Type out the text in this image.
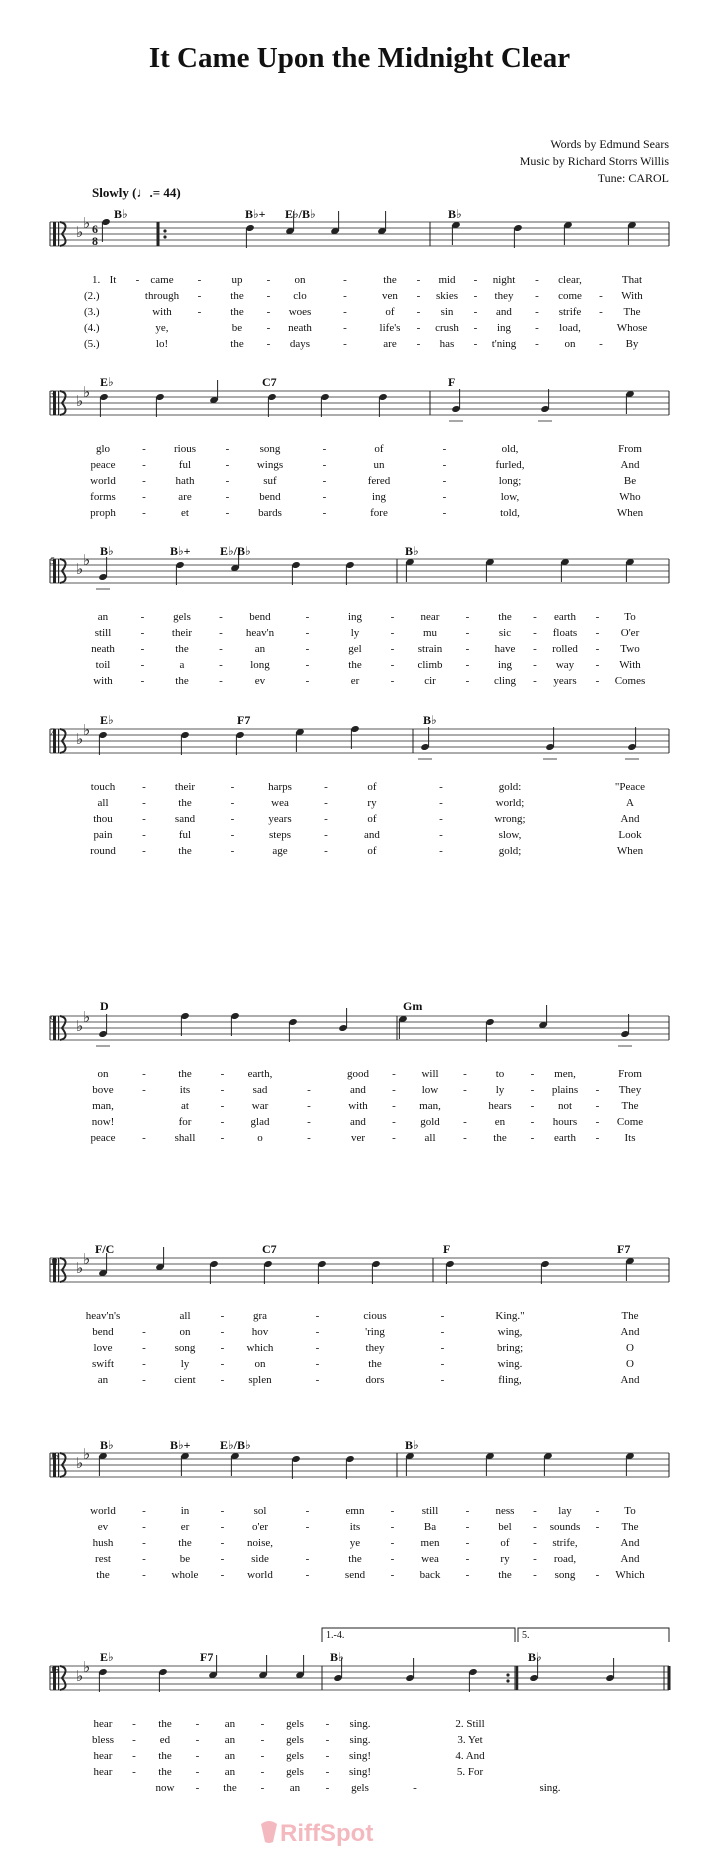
It Came Upon the Midnight Clear
Words by Edmund Sears
Music by Richard Storrs Willis
Tune: CAROL
Slowly (♩.= 44)
♭ ♭ 6
8
♭ ♭
♭ ♭
♭ ♭
♭ ♭
♭ ♭
♭ ♭
♭ ♭
B♭	B♭+ E♭/B♭	B♭
1.
(2.)
(3.)
(4.)
(5.)
It - came -	up - on	-	the - mid - night - clear,	That
through -	the - clo	-	ven - skies - they - come - With
with -	the - woes	-	of - sin - and - strife - The
ye,	be - neath	-	life's - crush - ing - load,	Whose
lo!	the - days	-	are - has - t'ning - on - By
E♭	C7	F
3
glo	-	rious	-	song	-	of	-	old,	From
peace -	ful	-	wings	-	un	-	furled,	And
world -	hath	-	suf	-	fered	-	long;	Be
forms -	are	-	bend	-	ing	-	low,	Who
proph -	et	-	bards	-	fore	-	told,	When
B♭	B♭+ E♭/B♭	B♭
5
an	-	gels	- bend	-	ing	- near -	the - earth - To
still	-	their - heav'n	-	ly	-	mu	-	sic - floats - O'er
neath -	the	-	an	-	gel	- strain - have - rolled - Two
toil	-	a	- long	-	the	- climb -	ing - way - With
with	-	the	-	ev	-	er	-	cir	- cling - years - Comes
E♭	F7	B♭
7
touch -	their	-	harps	-	of	-	gold:	"Peace
all	-	the	-	wea	-	ry	-	world;	A
thou	-	sand	-	years	-	of	-	wrong;	And
pain	-	ful	-	steps	-	and	-	slow,	Look
round -	the	-	age	-	of	-	gold;	When
D	Gm
9
on	-	the	- earth,	good - will -	to - men,	From
bove	-	its	-	sad	-	and - low -	ly - plains - They
man,	at	- war	-	with - man,	hears - not - The
now!	for	- glad	-	and - gold -	en - hours - Come
peace -	shall -	o	-	ver -	all	- the - earth - Its
F/C	C7	F	F7
11
heav'n's	all	-	gra	-	cious	-	King."	The
bend	-	on	- hov	-	'ring	-	wing,	And
love	-	song - which	-	they	-	bring;	O
swift	-	ly	-	on	-	the	-	wing.	O
an	-	cient - splen	-	dors	-	fling,	And
B♭	B♭+ E♭/B♭	B♭
13
world -	in	-	sol	-	emn - still - ness - lay - To
ev	-	er	-	o'er	-	its	-	Ba	-	bel - sounds - The
hush	-	the	- noise,	ye	- men -	of - strife,	And
rest	-	be	- side	-	the	- wea -	ry - road,	And
the	- whole - world	-	send - back -	the - song - Which
E♭	F7	B♭	B♭
15
1.-4.	5.
hear - the - an - gels - sing.	2. Still
bless - ed - an - gels - sing.	3. Yet
hear - the - an - gels - sing!	4. And
hear - the - an - gels - sing!	5. For
now - the - an - gels	-	sing.
RiffSpot
